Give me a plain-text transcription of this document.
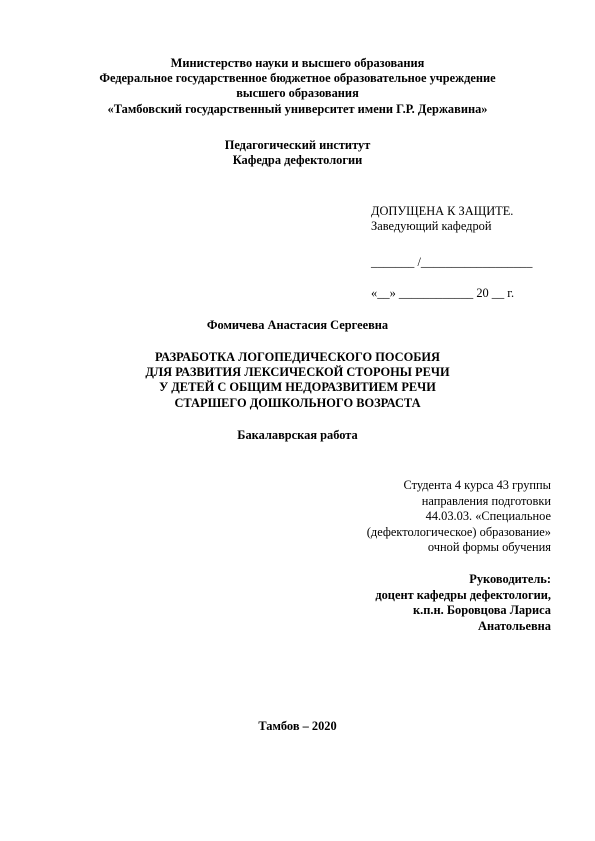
Министерство науки и высшего образования
Федеральное государственное бюджетное образовательное учреждение
высшего образования
«Тамбовский государственный университет имени Г.Р. Державина»
Педагогический институт
Кафедра дефектологии
ДОПУЩЕНА К ЗАЩИТЕ.
Заведующий кафедрой
_______ /__________________
«__» ____________ 20 __ г.
Фомичева Анастасия Сергеевна
РАЗРАБОТКА ЛОГОПЕДИЧЕСКОГО ПОСОБИЯ
ДЛЯ РАЗВИТИЯ ЛЕКСИЧЕСКОЙ СТОРОНЫ РЕЧИ
У ДЕТЕЙ С ОБЩИМ НЕДОРАЗВИТИЕМ РЕЧИ
СТАРШЕГО ДОШКОЛЬНОГО ВОЗРАСТА
Бакалаврская работа
Студента 4 курса 43 группы
направления подготовки
44.03.03. «Специальное
(дефектологическое) образование»
очной формы обучения
Руководитель:
доцент кафедры дефектологии,
к.п.н. Боровцова Лариса
Анатольевна
Тамбов – 2020
